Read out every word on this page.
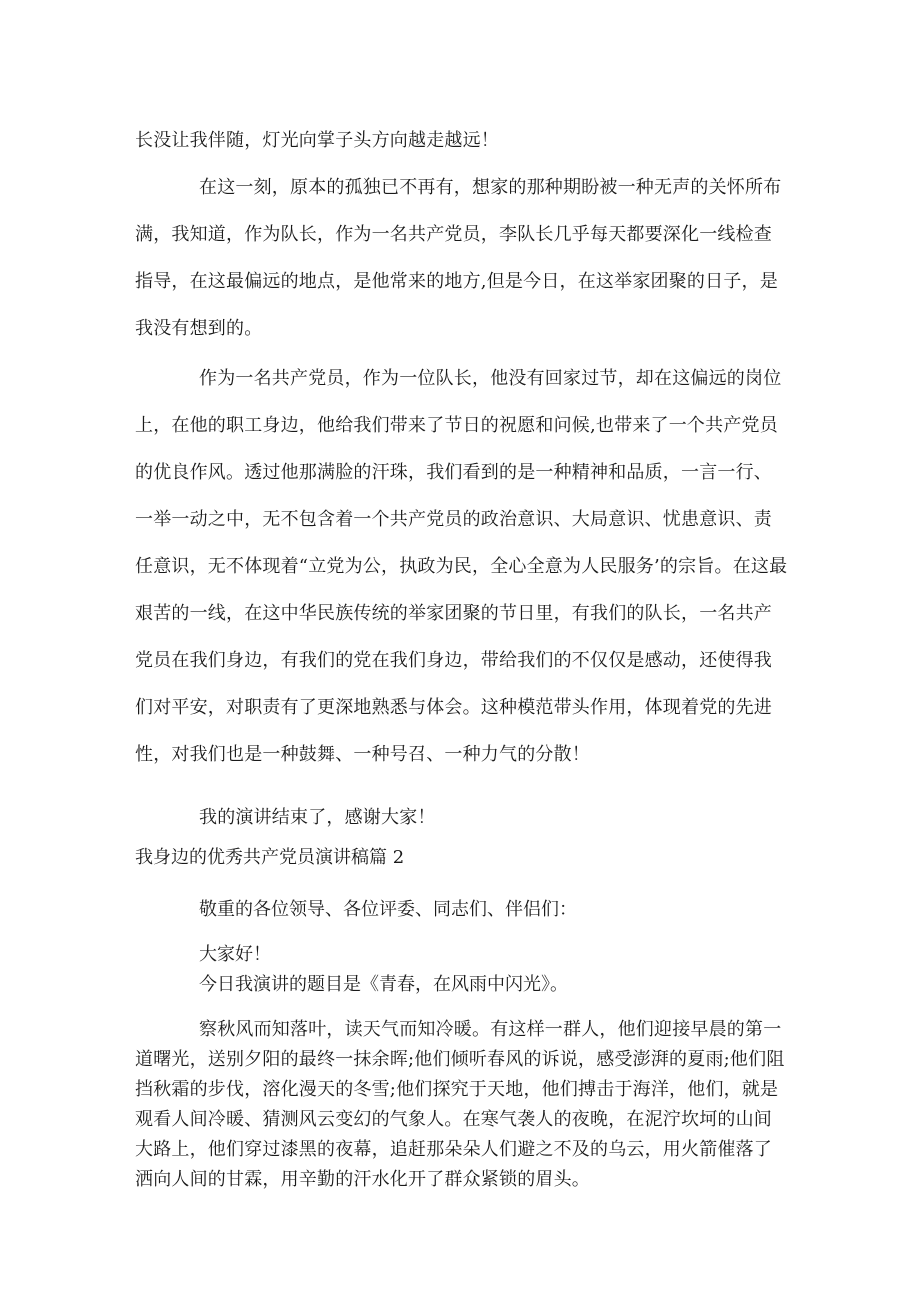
长没让我伴随，灯光向掌子头方向越走越远！

在这一刻，原本的孤独已不再有，想家的那种期盼被一种无声的关怀所布满，我知道，作为队长，作为一名共产党员，李队长几乎每天都要深化一线检查指导，在这最偏远的地点，是他常来的地方,但是今日，在这举家团聚的日子，是我没有想到的。

作为一名共产党员，作为一位队长，他没有回家过节，却在这偏远的岗位上，在他的职工身边，他给我们带来了节日的祝愿和问候,也带来了一个共产党员的优良作风。透过他那满脸的汗珠，我们看到的是一种精神和品质，一言一行、一举一动之中，无不包含着一个共产党员的政治意识、大局意识、忧患意识、责任意识，无不体现着“立党为公，执政为民，全心全意为人民服务’的宗旨。在这最艰苦的一线，在这中华民族传统的举家团聚的节日里，有我们的队长，一名共产党员在我们身边，有我们的党在我们身边，带给我们的不仅仅是感动，还使得我们对平安，对职责有了更深地熟悉与体会。这种模范带头作用，体现着党的先进性，对我们也是一种鼓舞、一种号召、一种力气的分散！

我的演讲结束了，感谢大家！

我身边的优秀共产党员演讲稿篇 2

敬重的各位领导、各位评委、同志们、伴侣们：

大家好！

今日我演讲的题目是《青春，在风雨中闪光》。

察秋风而知落叶，读天气而知冷暖。有这样一群人，他们迎接早晨的第一道曙光，送别夕阳的最终一抹余晖;他们倾听春风的诉说，感受澎湃的夏雨;他们阻挡秋霜的步伐，溶化漫天的冬雪;他们探究于天地，他们搏击于海洋，他们，就是观看人间冷暖、猜测风云变幻的气象人。在寒气袭人的夜晚，在泥泞坎坷的山间大路上，他们穿过漆黑的夜幕，追赶那朵朵人们避之不及的乌云，用火箭催落了洒向人间的甘霖，用辛勤的汗水化开了群众紧锁的眉头。
